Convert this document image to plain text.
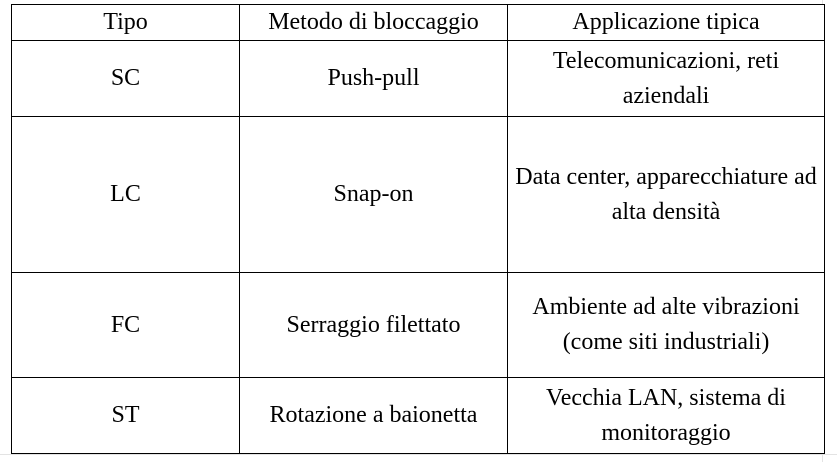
Tipo	Metodo di bloccaggio	Applicazione tipica
SC	Push-pull	Telecomunicazioni, reti aziendali
LC	Snap-on	Data center, apparecchiature ad alta densità
FC	Serraggio filettato	Ambiente ad alte vibrazioni (come siti industriali)
ST	Rotazione a baionetta	Vecchia LAN, sistema di monitoraggio
